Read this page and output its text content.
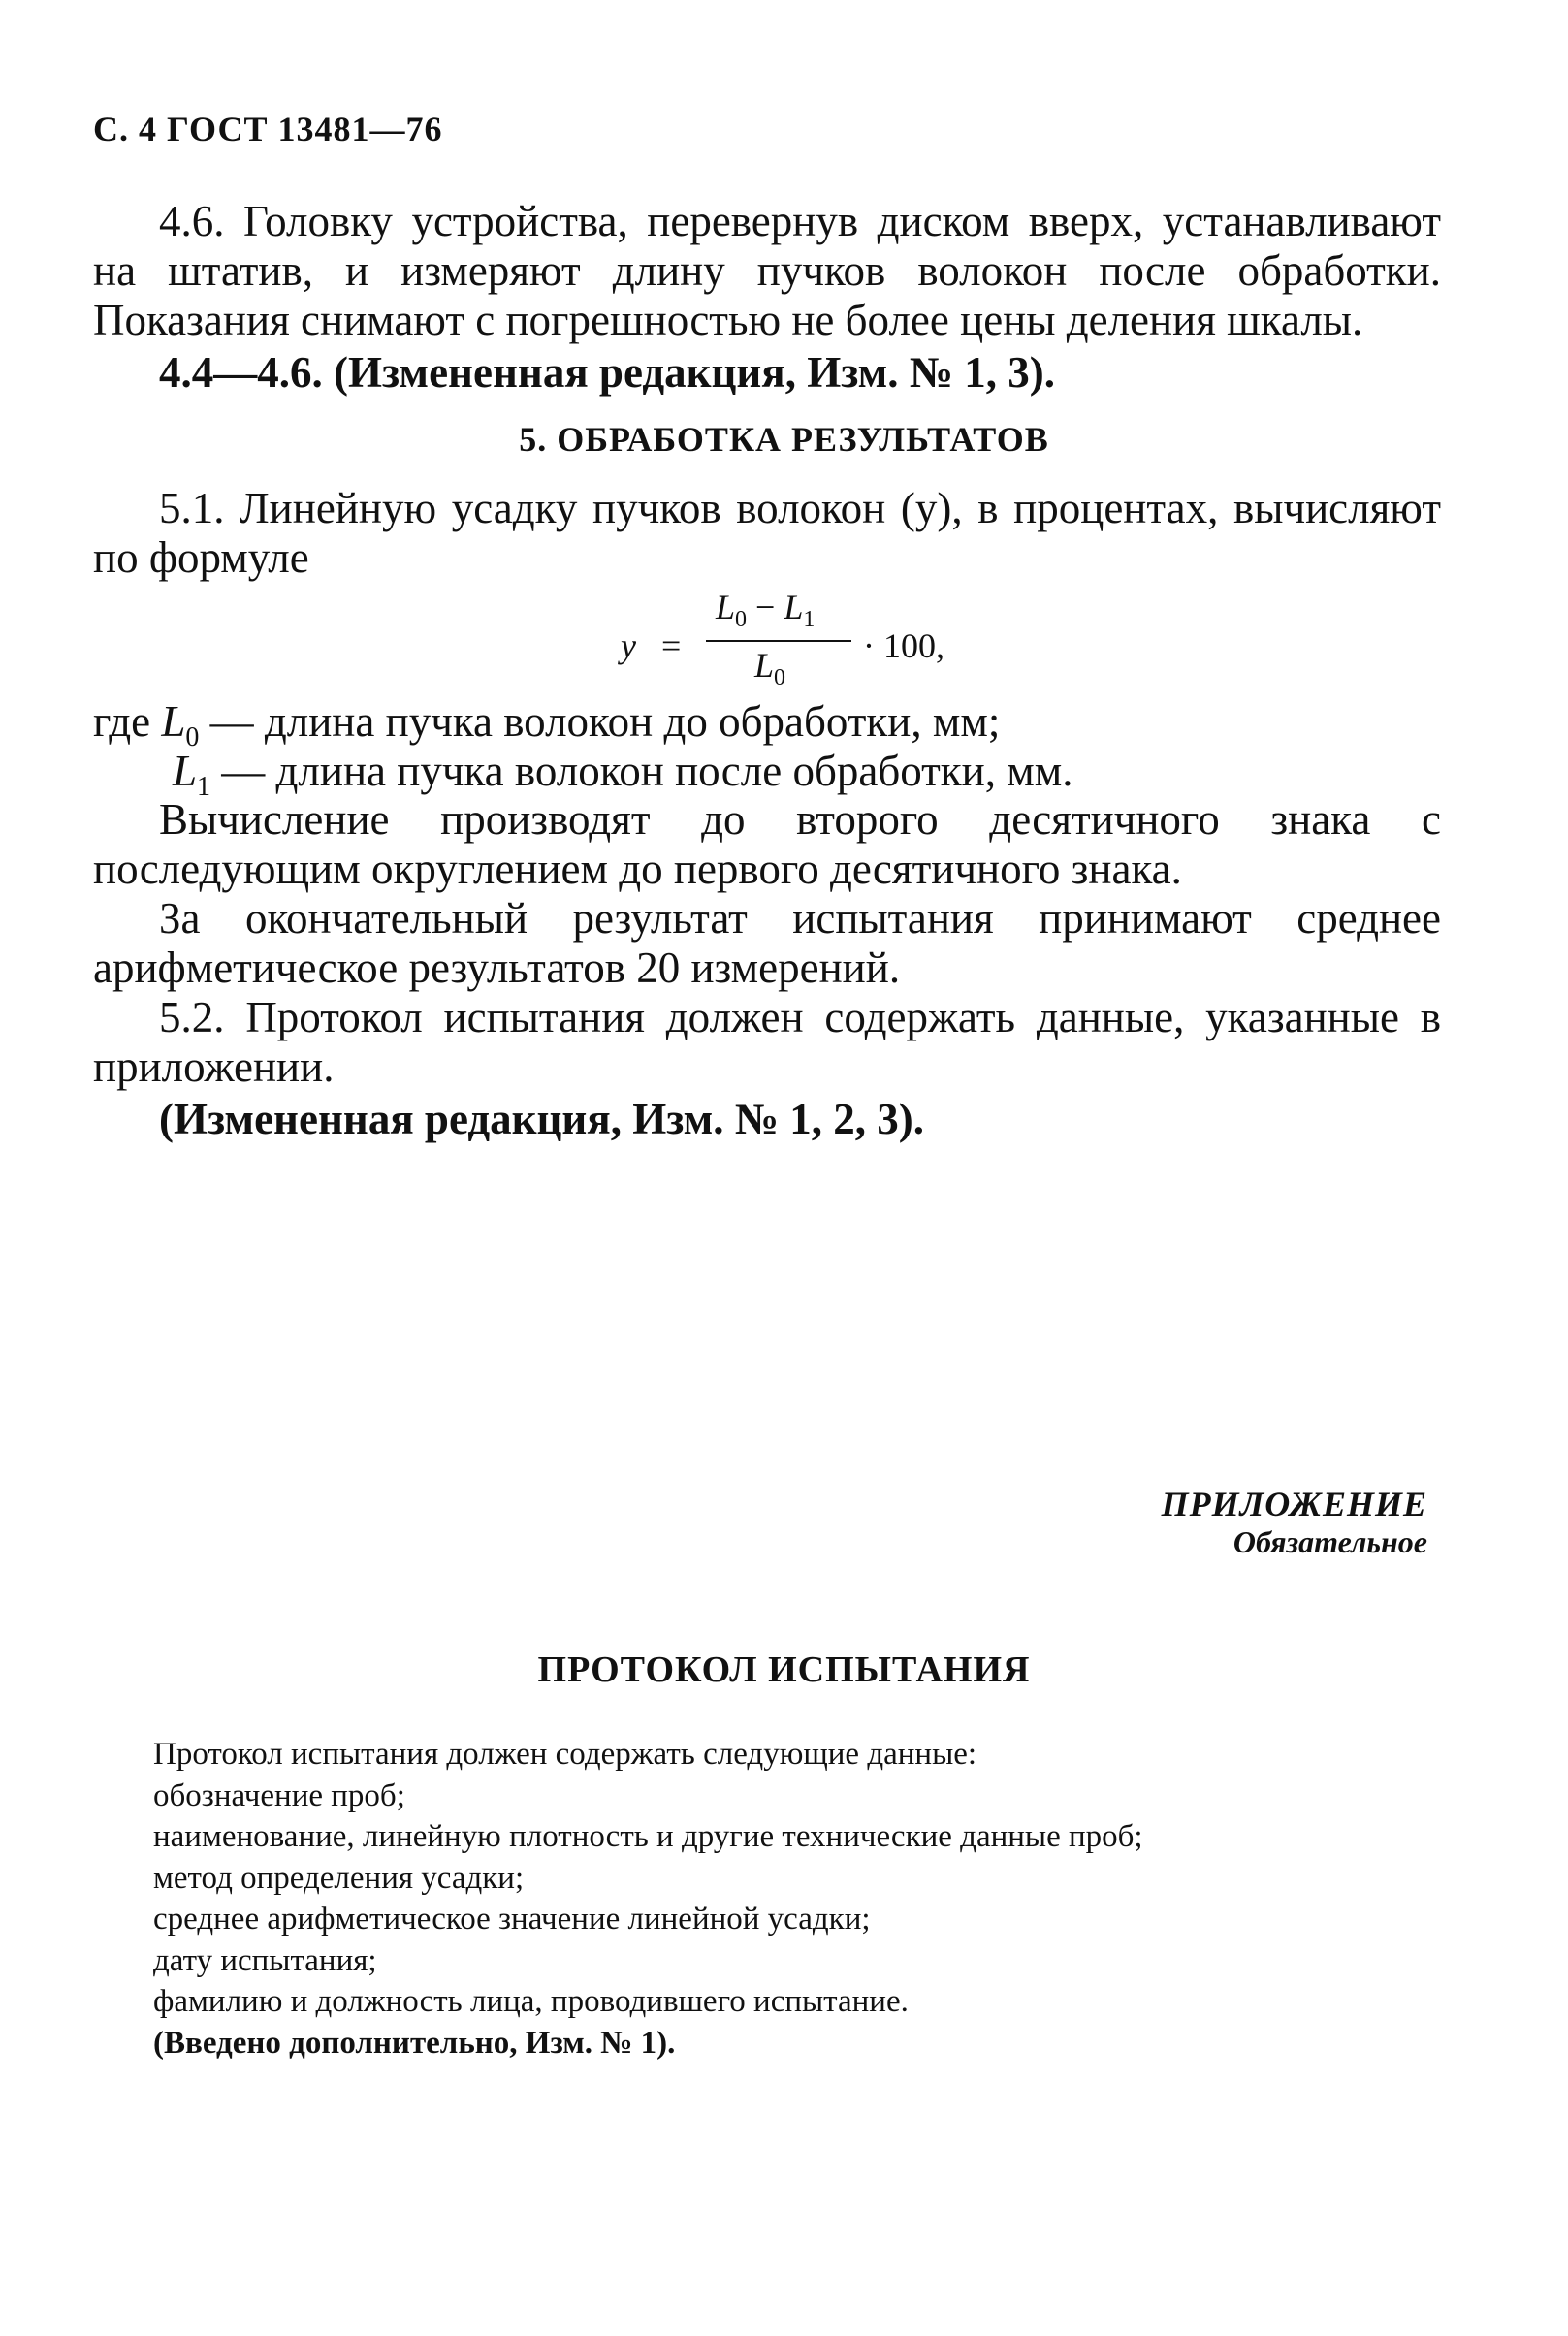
С. 4 ГОСТ 13481—76

4.6. Головку устройства, перевернув диском вверх, устанавливают на штатив, и измеряют длину пучков волокон после обработки. Показания снимают с погрешностью не более цены деления шкалы.

4.4—4.6. (Измененная редакция, Изм. № 1, 3).
5. ОБРАБОТКА РЕЗУЛЬТАТОВ

5.1. Линейную усадку пучков волокон (y), в процентах, вычисляют по формуле

y =
$L_0 - L_1$
$L_0$
· 100,
где $L_0$ — длина пучка волокон до обработки, мм;
$L_1$ — длина пучка волокон после обработки, мм.

Вычисление производят до второго десятичного знака с последующим округлением до первого десятичного знака.

За окончательный результат испытания принимают среднее арифметическое результатов 20 измерений.

5.2. Протокол испытания должен содержать данные, указанные в приложении.

(Измененная редакция, Изм. № 1, 2, 3).
ПРИЛОЖЕНИЕ
Обязательное
ПРОТОКОЛ ИСПЫТАНИЯ
Протокол испытания должен содержать следующие данные:
обозначение проб;
наименование, линейную плотность и другие технические данные проб;
метод определения усадки;
среднее арифметическое значение линейной усадки;
дату испытания;
фамилию и должность лица, проводившего испытание.
(Введено дополнительно, Изм. № 1).
